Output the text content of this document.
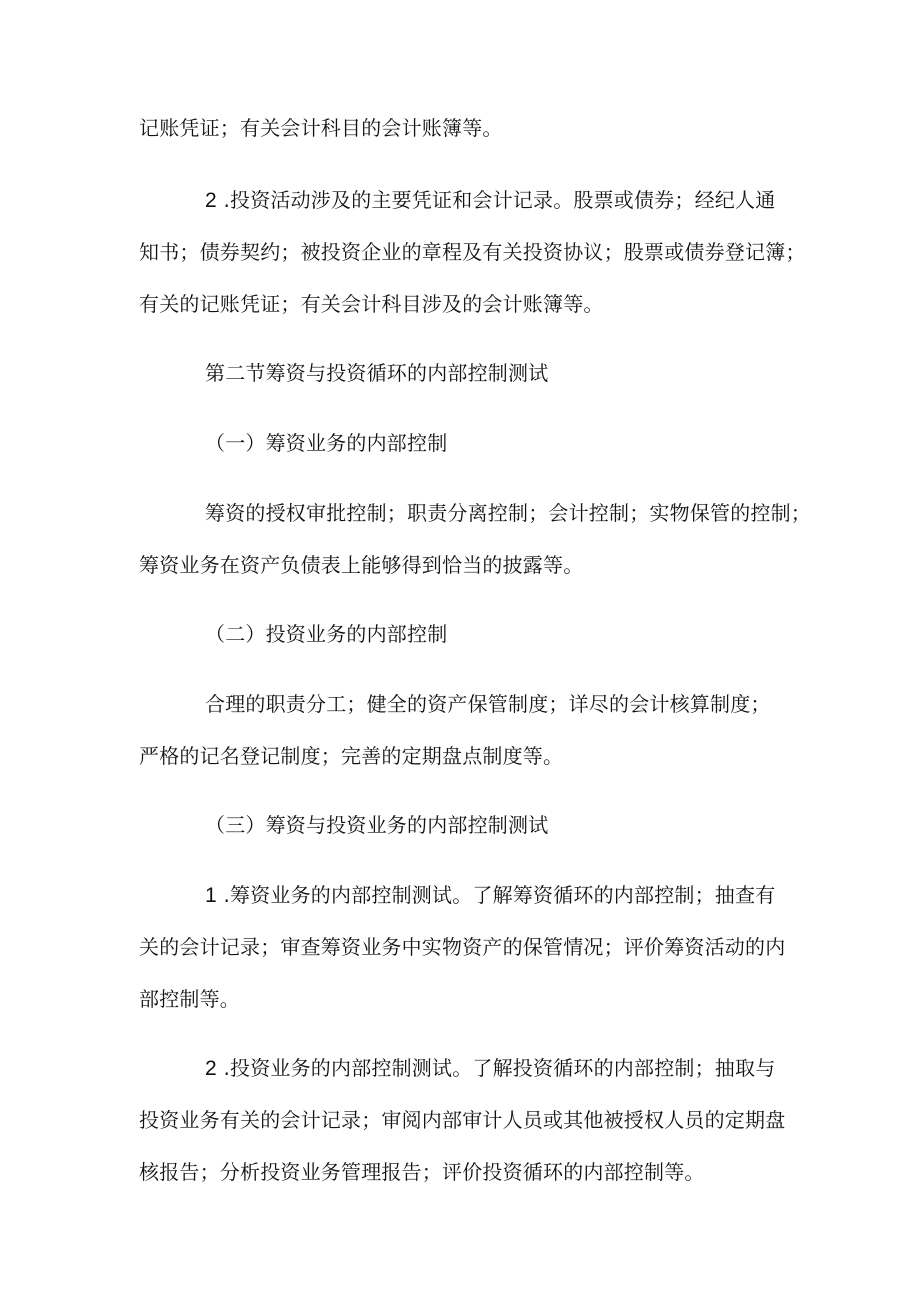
记账凭证；有关会计科目的会计账簿等。
2 .投资活动涉及的主要凭证和会计记录。股票或债券；经纪人通
知书；债券契约；被投资企业的章程及有关投资协议；股票或债券登记簿；
有关的记账凭证；有关会计科目涉及的会计账簿等。
第二节筹资与投资循环的内部控制测试
（一）筹资业务的内部控制
筹资的授权审批控制；职责分离控制；会计控制；实物保管的控制；
筹资业务在资产负债表上能够得到恰当的披露等。
（二）投资业务的内部控制
合理的职责分工；健全的资产保管制度；详尽的会计核算制度；
严格的记名登记制度；完善的定期盘点制度等。
（三）筹资与投资业务的内部控制测试
1 .筹资业务的内部控制测试。了解筹资循环的内部控制；抽查有
关的会计记录；审查筹资业务中实物资产的保管情况；评价筹资活动的内
部控制等。
2 .投资业务的内部控制测试。了解投资循环的内部控制；抽取与
投资业务有关的会计记录；审阅内部审计人员或其他被授权人员的定期盘
核报告；分析投资业务管理报告；评价投资循环的内部控制等。
